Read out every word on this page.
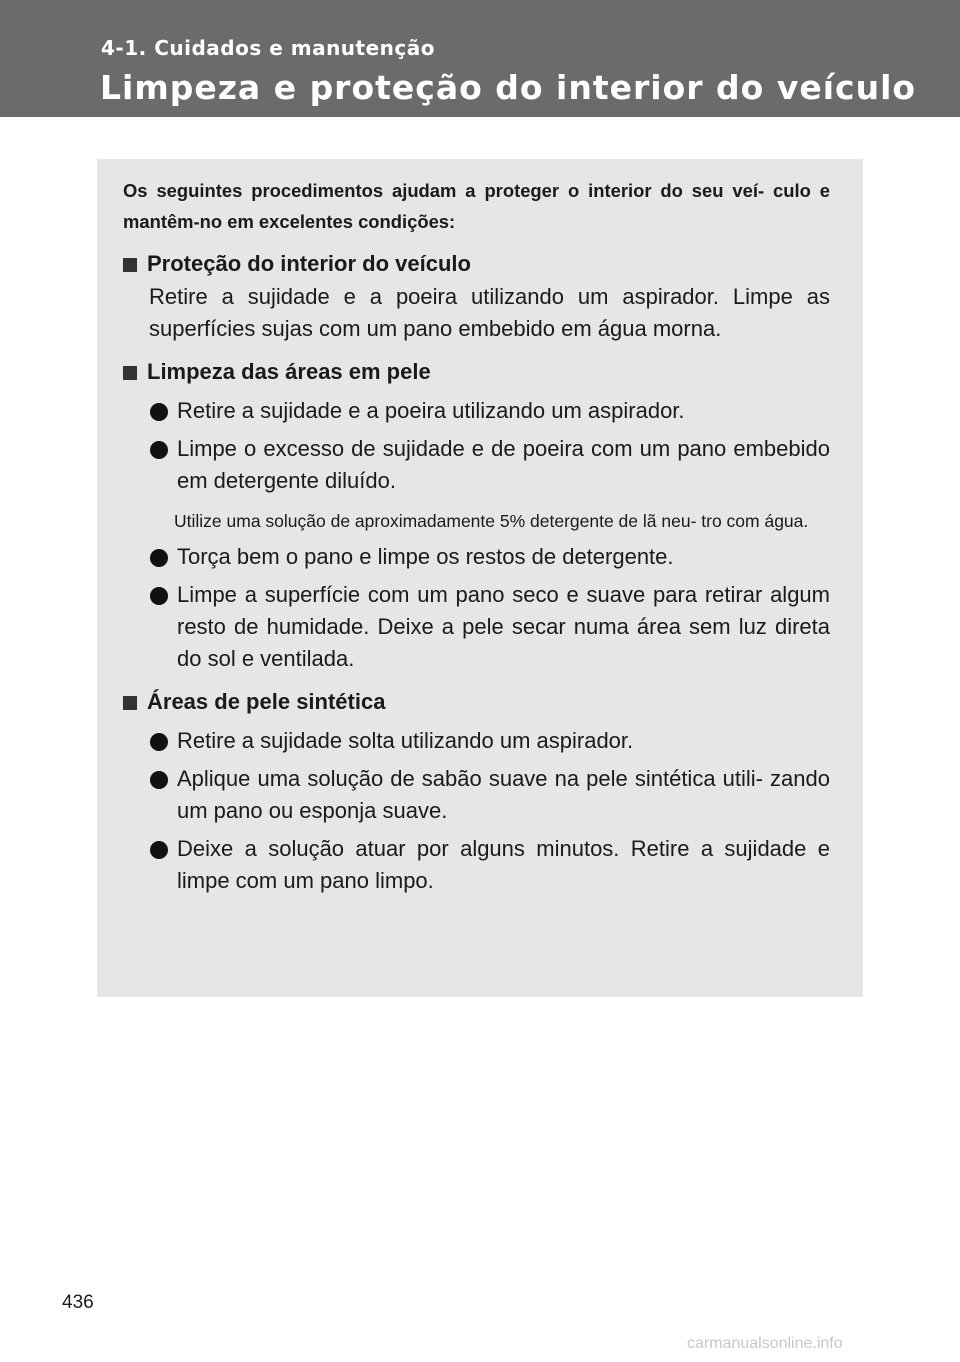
4-1. Cuidados e manutenção
Limpeza e proteção do interior do veículo
Os seguintes procedimentos ajudam a proteger o interior do seu veí- culo e mantêm-no em excelentes condições:
Proteção do interior do veículo
Retire a sujidade e a poeira utilizando um aspirador. Limpe as superfícies sujas com um pano embebido em água morna.
Limpeza das áreas em pele
Retire a sujidade e a poeira utilizando um aspirador.
Limpe o excesso de sujidade e de poeira com um pano embebido em detergente diluído.
Utilize uma solução de aproximadamente 5% detergente de lã neu- tro com água.
Torça bem o pano e limpe os restos de detergente.
Limpe a superfície com um pano seco e suave para retirar algum resto de humidade. Deixe a pele secar numa área sem luz direta do sol e ventilada.
Áreas de pele sintética
Retire a sujidade solta utilizando um aspirador.
Aplique uma solução de sabão suave na pele sintética utili- zando um pano ou esponja suave.
Deixe a solução atuar por alguns minutos. Retire a sujidade e limpe com um pano limpo.
436
carmanualsonline.info
